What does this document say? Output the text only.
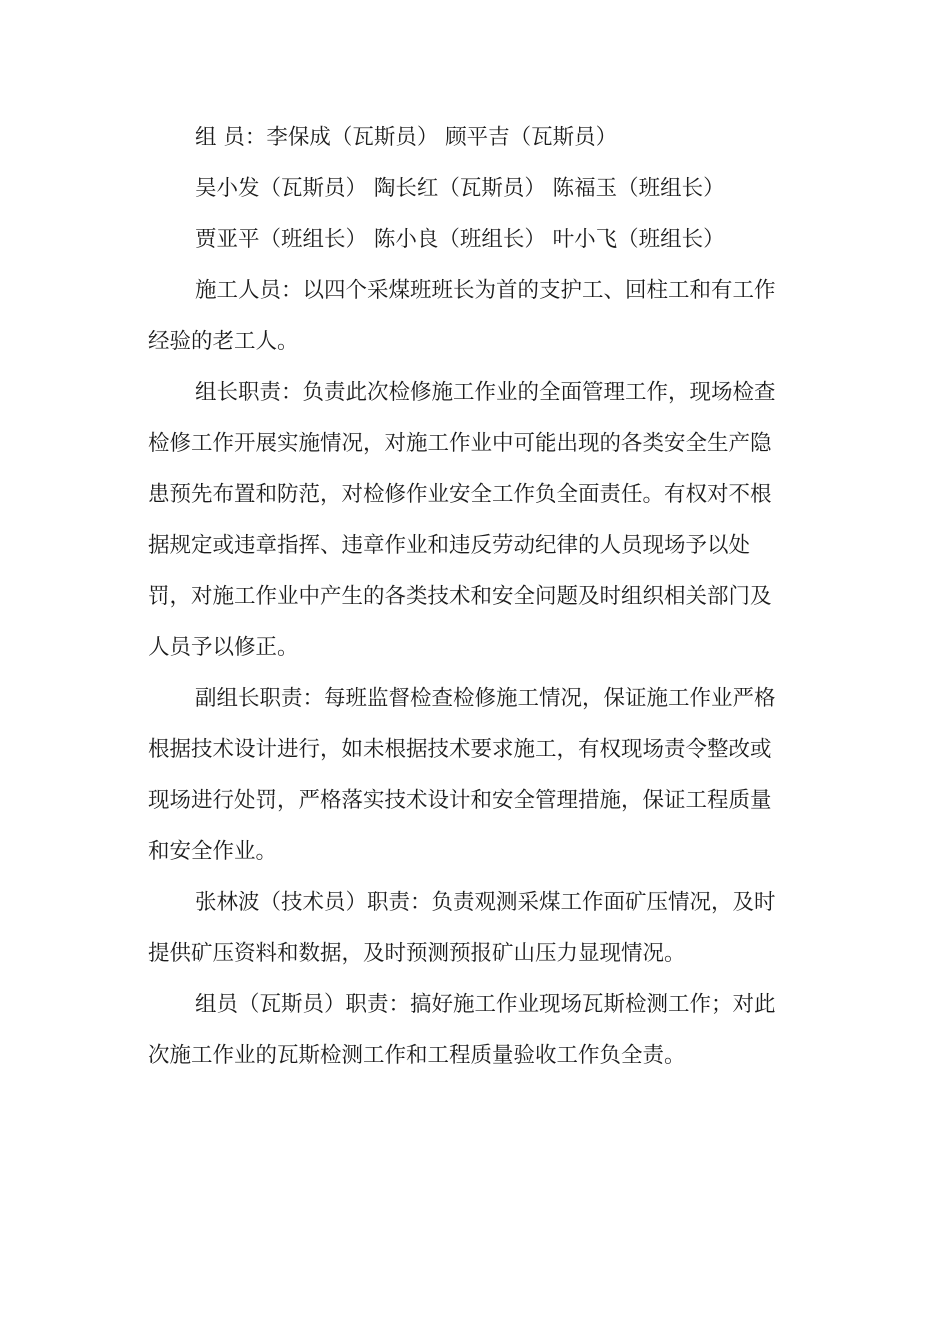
组 员：李保成（瓦斯员） 顾平吉（瓦斯员）

吴小发（瓦斯员） 陶长红（瓦斯员） 陈福玉（班组长）

贾亚平（班组长） 陈小良（班组长） 叶小飞（班组长）

施工人员：以四个采煤班班长为首的支护工、回柱工和有工作
经验的老工人。

组长职责：负责此次检修施工作业的全面管理工作，现场检查
检修工作开展实施情况，对施工作业中可能出现的各类安全生产隐
患预先布置和防范，对检修作业安全工作负全面责任。有权对不根
据规定或违章指挥、违章作业和违反劳动纪律的人员现场予以处
罚，对施工作业中产生的各类技术和安全问题及时组织相关部门及
人员予以修正。

副组长职责：每班监督检查检修施工情况，保证施工作业严格
根据技术设计进行，如未根据技术要求施工，有权现场责令整改或
现场进行处罚，严格落实技术设计和安全管理措施，保证工程质量
和安全作业。

张林波（技术员）职责：负责观测采煤工作面矿压情况，及时
提供矿压资料和数据，及时预测预报矿山压力显现情况。

组员（瓦斯员）职责：搞好施工作业现场瓦斯检测工作；对此
次施工作业的瓦斯检测工作和工程质量验收工作负全责。
